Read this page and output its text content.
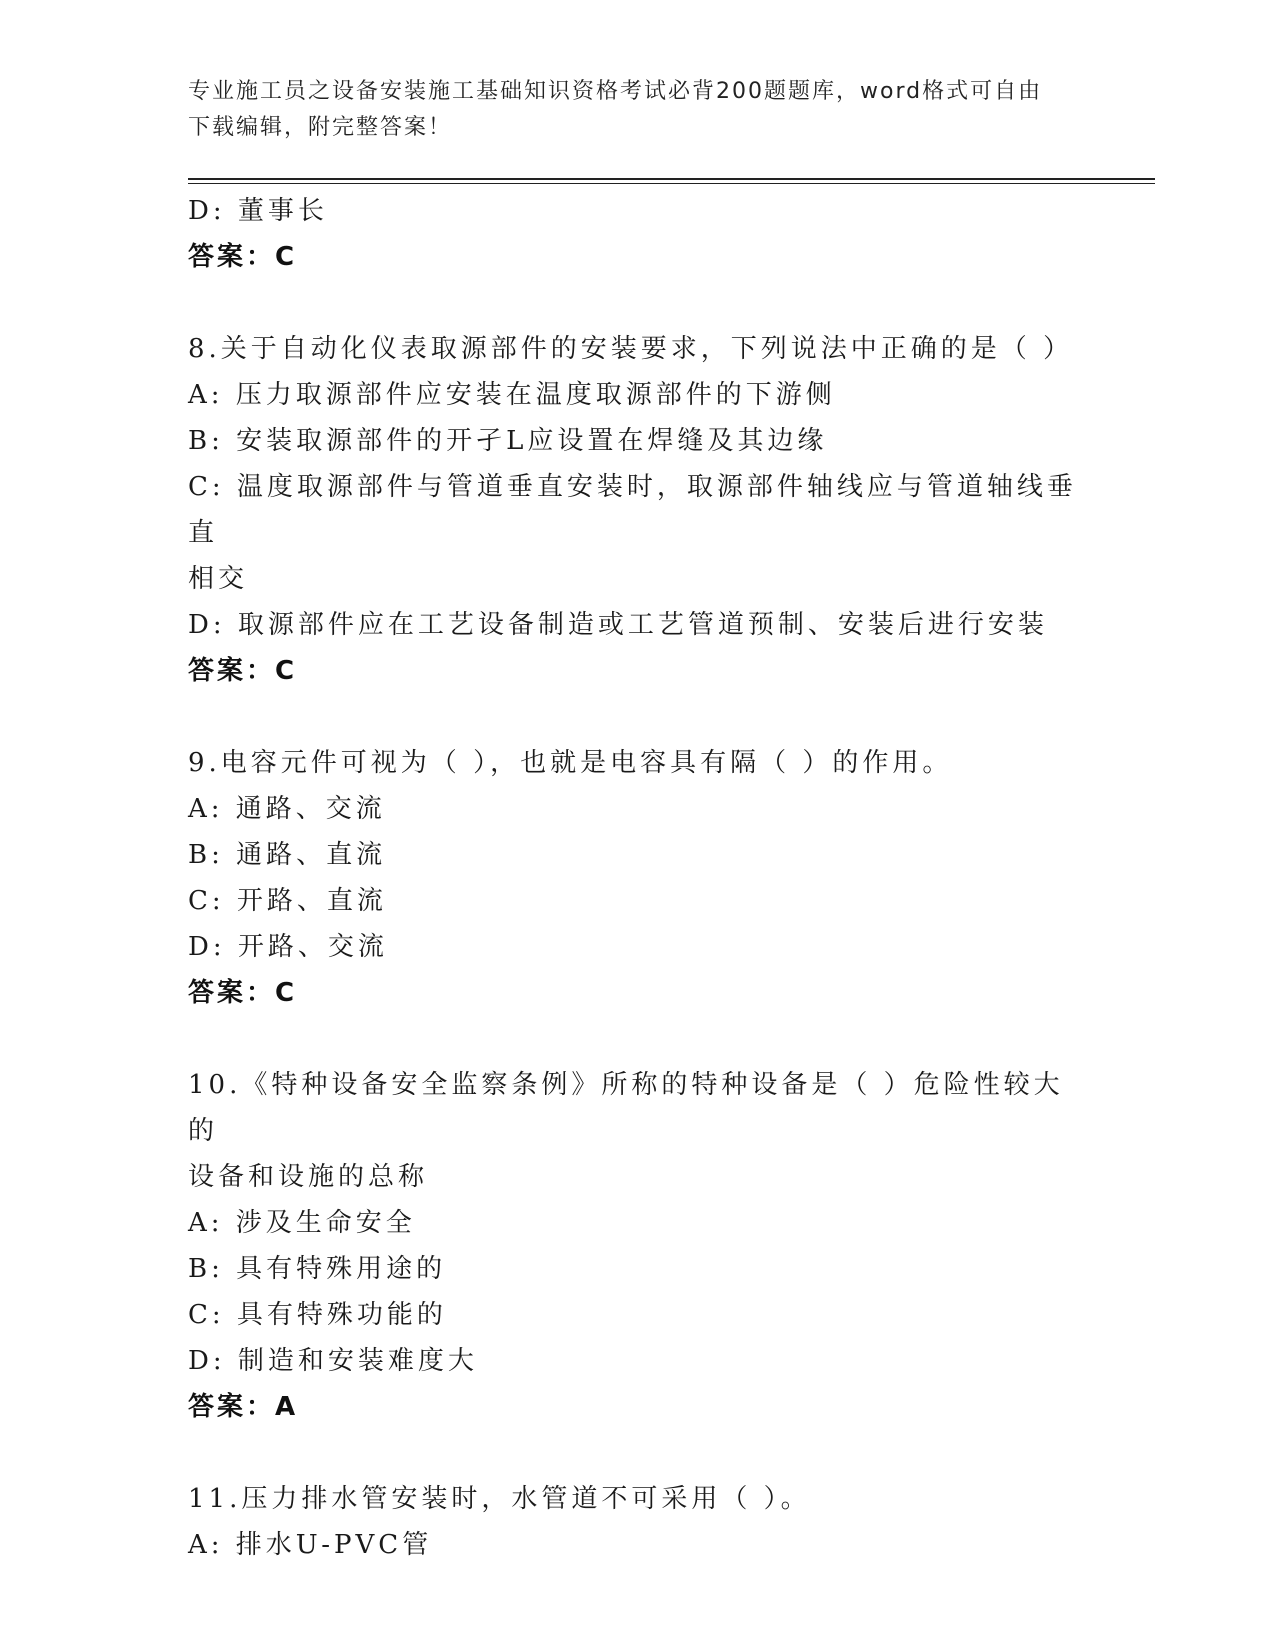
专业施工员之设备安装施工基础知识资格考试必背200题题库，word格式可自由
下载编辑，附完整答案！
D: 董事长
答案：C
8.关于自动化仪表取源部件的安装要求，下列说法中正确的是（ ）
A: 压力取源部件应安装在温度取源部件的下游侧
B: 安装取源部件的开孑L应设置在焊缝及其边缘
C: 温度取源部件与管道垂直安装时，取源部件轴线应与管道轴线垂直
相交
D: 取源部件应在工艺设备制造或工艺管道预制、安装后进行安装
答案：C
9.电容元件可视为（ ），也就是电容具有隔（ ）的作用。
A: 通路、交流
B: 通路、直流
C: 开路、直流
D: 开路、交流
答案：C
10.《特种设备安全监察条例》所称的特种设备是（ ）危险性较大的
设备和设施的总称
A: 涉及生命安全
B: 具有特殊用途的
C: 具有特殊功能的
D: 制造和安装难度大
答案：A
11.压力排水管安装时，水管道不可采用（ ）。
A: 排水U-PVC管
